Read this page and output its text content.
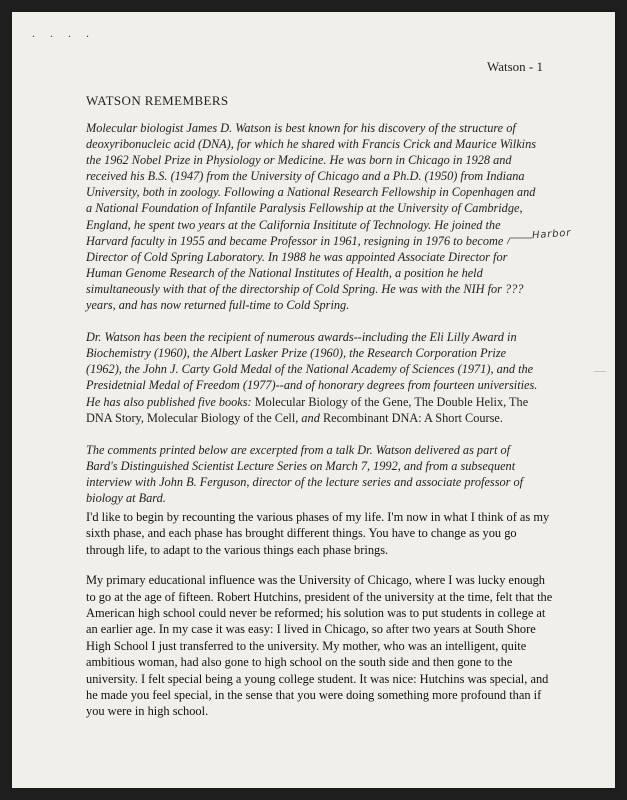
. . . .
Watson - 1
WATSON REMEMBERS

Molecular biologist James D. Watson is best known for his discovery of the structure of deoxyribonucleic acid (DNA), for which he shared with Francis Crick and Maurice Wilkins the 1962 Nobel Prize in Physiology or Medicine. He was born in Chicago in 1928 and received his B.S. (1947) from the University of Chicago and a Ph.D. (1950) from Indiana University, both in zoology. Following a National Research Fellowship in Copenhagen and a National Foundation of Infantile Paralysis Fellowship at the University of Cambridge, England, he spent two years at the California Insititute of Technology. He joined the Harvard faculty in 1955 and became Professor in 1961, resigning in 1976 to become Director of Cold Spring Laboratory. In 1988 he was appointed Associate Director for Human Genome Research of the National Institutes of Health, a position he held simultaneously with that of the directorship of Cold Spring. He was with the NIH for ??? years, and has now returned full-time to Cold Spring.

Dr. Watson has been the recipient of numerous awards--including the Eli Lilly Award in Biochemistry (1960), the Albert Lasker Prize (1960), the Research Corporation Prize (1962), the John J. Carty Gold Medal of the National Academy of Sciences (1971), and the Presidetnial Medal of Freedom (1977)--and of honorary degrees from fourteen universities. He has also published five books: Molecular Biology of the Gene, The Double Helix, The DNA Story, Molecular Biology of the Cell, and Recombinant DNA: A Short Course.

The comments printed below are excerpted from a talk Dr. Watson delivered as part of Bard's Distinguished Scientist Lecture Series on March 7, 1992, and from a subsequent interview with John B. Ferguson, director of the lecture series and associate professor of biology at Bard.

Harbor

I'd like to begin by recounting the various phases of my life. I'm now in what I think of as my sixth phase, and each phase has brought different things. You have to change as you go through life, to adapt to the various things each phase brings.

My primary educational influence was the University of Chicago, where I was lucky enough to go at the age of fifteen. Robert Hutchins, president of the university at the time, felt that the American high school could never be reformed; his solution was to put students in college at an earlier age. In my case it was easy: I lived in Chicago, so after two years at South Shore High School I just transferred to the university. My mother, who was an intelligent, quite ambitious woman, had also gone to high school on the south side and then gone to the university. I felt special being a young college student. It was nice: Hutchins was special, and he made you feel special, in the sense that you were doing something more profound than if you were in high school.
